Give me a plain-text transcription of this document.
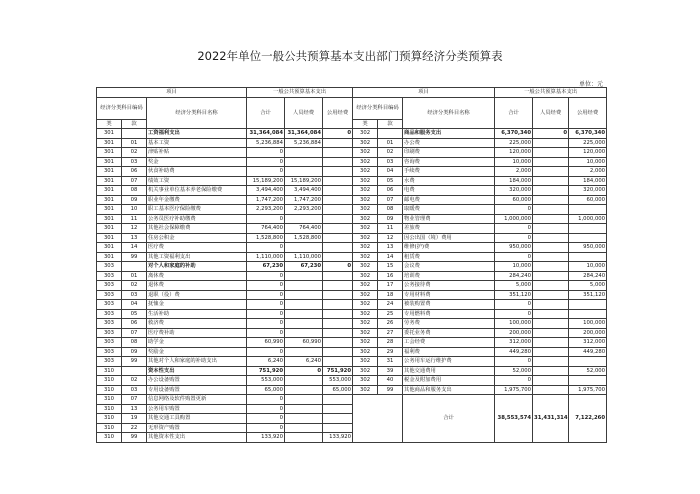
2022年单位一般公共预算基本支出部门预算经济分类预算表
单位：元
项目			一般公共预算基本支出			项目			一般公共预算基本支出		
经济分类科目编码		经济分类科目名称	合计	人员经费	公用经费	经济分类科目编码		经济分类科目名称	合计	人员经费	公用经费
类	款					类	款				
301		工资福利支出	31,364,084	31,364,084	0	302		商品和服务支出	6,370,340	0	6,370,340
301	01	基本工资	5,236,884	5,236,884		302	01	办公费	225,000		225,000
301	02	津贴补贴	0			302	02	印刷费	120,000		120,000
301	03	奖金	0			302	03	咨询费	10,000		10,000
301	06	伙食补助费	0			302	04	手续费	2,000		2,000
301	07	绩效工资	15,189,200	15,189,200		302	05	水费	184,000		184,000
301	08	机关事业单位基本养老保险缴费	3,494,400	3,494,400		302	06	电费	320,000		320,000
301	09	职业年金缴费	1,747,200	1,747,200		302	07	邮电费	60,000		60,000
301	10	职工基本医疗保险缴费	2,293,200	2,293,200		302	08	取暖费	0		
301	11	公务员医疗补助缴费	0			302	09	物业管理费	1,000,000		1,000,000
301	12	其他社会保障缴费	764,400	764,400		302	11	差旅费	0		
301	13	住房公积金	1,528,800	1,528,800		302	12	因公出国（境）费用	0		
301	14	医疗费	0			302	13	维修(护)费	950,000		950,000
301	99	其他工资福利支出	1,110,000	1,110,000		302	14	租赁费	0		
303		对个人和家庭的补助	67,230	67,230	0	302	15	会议费	10,000		10,000
303	01	离休费	0			302	16	培训费	284,240		284,240
303	02	退休费	0			302	17	公务接待费	5,000		5,000
303	03	退职（役）费	0			302	18	专用材料费	351,120		351,120
303	04	抚恤金	0			302	24	被装购置费	0		
303	05	生活补助	0			302	25	专用燃料费	0		
303	06	救济费	0			302	26	劳务费	100,000		100,000
303	07	医疗费补助	0			302	27	委托业务费	200,000		200,000
303	08	助学金	60,990	60,990		302	28	工会经费	312,000		312,000
303	09	奖励金	0			302	29	福利费	449,280		449,280
303	99	其他对个人和家庭的补助支出	6,240	6,240		302	31	公务用车运行维护费	0		
310		资本性支出	751,920	0	751,920	302	39	其他交通费用	52,000		52,000
310	02	办公设备购置	553,000		553,000	302	40	税金及附加费用	0		
310	03	专用设备购置	65,000		65,000	302	99	其他商品和服务支出	1,975,700		1,975,700
310	07	信息网络及软件购置更新	0					合计	38,553,574	31,431,314	7,122,260
310	13	公务用车购置	0								
310	19	其他交通工具购置	0								
310	22	无形资产购置	0								
310	99	其他资本性支出	133,920		133,920						
